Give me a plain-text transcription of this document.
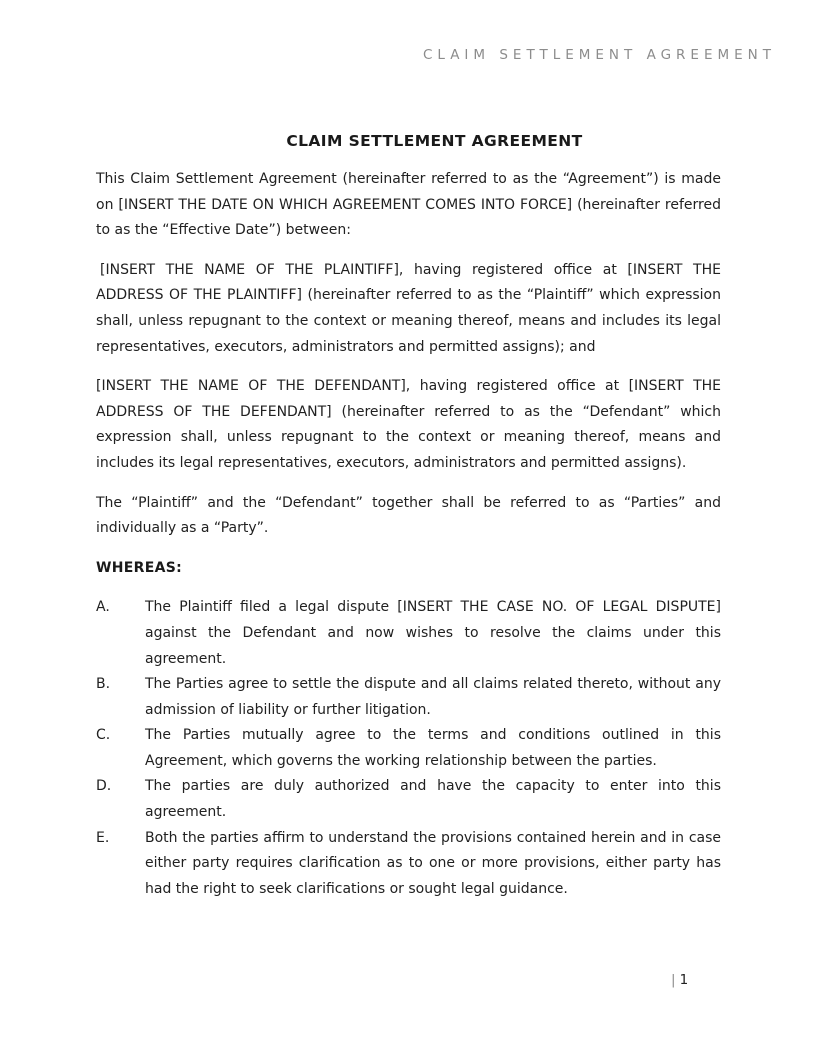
CLAIM SETTLEMENT AGREEMENT
CLAIM SETTLEMENT AGREEMENT

This Claim Settlement Agreement (hereinafter referred to as the “Agreement”) is made on [INSERT THE DATE ON WHICH AGREEMENT COMES INTO FORCE] (hereinafter referred to as the “Effective Date”) between:

[INSERT THE NAME OF THE PLAINTIFF], having registered office at [INSERT THE ADDRESS OF THE PLAINTIFF] (hereinafter referred to as the “Plaintiff” which expression shall, unless repugnant to the context or meaning thereof, means and includes its legal representatives, executors, administrators and permitted assigns); and

[INSERT THE NAME OF THE DEFENDANT], having registered office at [INSERT THE ADDRESS OF THE DEFENDANT] (hereinafter referred to as the “Defendant” which expression shall, unless repugnant to the context or meaning thereof, means and includes its legal representatives, executors, administrators and permitted assigns).

The “Plaintiff” and the “Defendant” together shall be referred to as “Parties” and individually as a “Party”.

WHEREAS:
A.	The Plaintiff filed a legal dispute [INSERT THE CASE NO. OF LEGAL DISPUTE] against the Defendant and now wishes to resolve the claims under this agreement.
B. The Parties agree to settle the dispute and all claims related thereto, without any admission of liability or further litigation.
C. The Parties mutually agree to the terms and conditions outlined in this Agreement, which governs the working relationship between the parties.
D. The parties are duly authorized and have the capacity to enter into this agreement.
E.	Both the parties affirm to understand the provisions contained herein and in case either party requires clarification as to one or more provisions, either party has had the right to seek clarifications or sought legal guidance.
| 1
